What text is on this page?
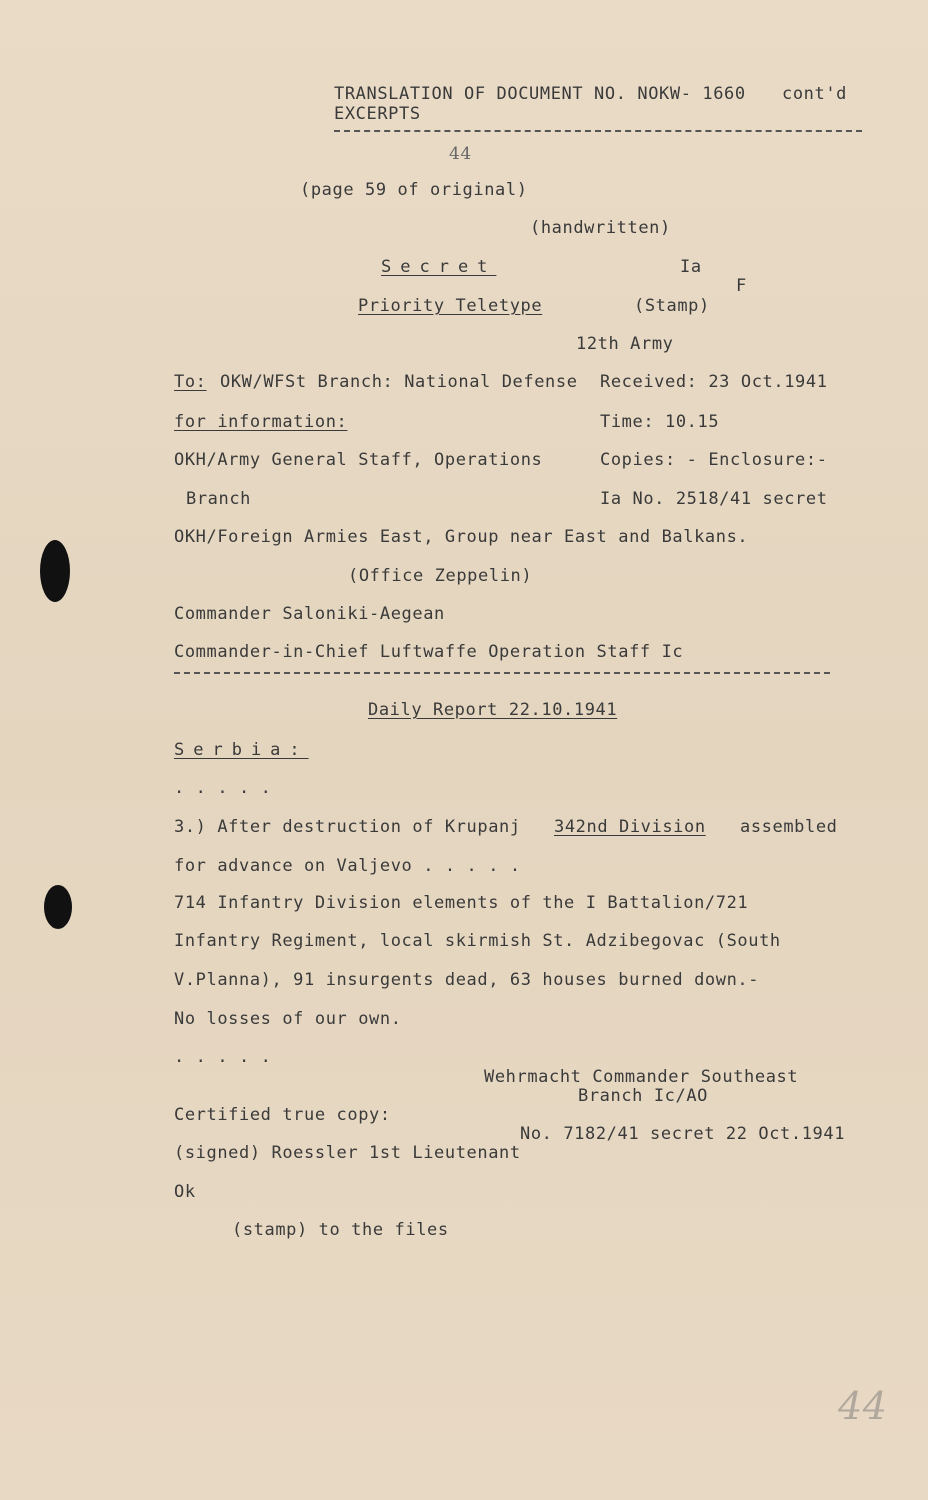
TRANSLATION OF DOCUMENT NO. NOKW- 1660 cont'd
EXCERPTS
44
(page 59 of original)
(handwritten)
Secret	Ia
F
Priority Teletype	(Stamp)
12th Army
To: OKW/WFSt Branch: National Defense Received: 23 Oct.1941
for information:	Time: 10.15
OKH/Army General Staff, Operations	Copies: - Enclosure:-
Branch	Ia No. 2518/41 secret
OKH/Foreign Armies East, Group near East and Balkans.
(Office Zeppelin)
Commander Saloniki-Aegean
Commander-in-Chief Luftwaffe Operation Staff Ic
Daily Report 22.10.1941
Serbia:
. . . . .
3.) After destruction of Krupanj 342nd Division assembled
for advance on Valjevo . . . . .
714 Infantry Division elements of the I Battalion/721
Infantry Regiment, local skirmish St. Adzibegovac (South
V.Planna), 91 insurgents dead, 63 houses burned down.-
No losses of our own.
. . . . .
Wehrmacht Commander Southeast
Branch Ic/AO
Certified true copy:
No. 7182/41 secret 22 Oct.1941
(signed) Roessler 1st Lieutenant
Ok
(stamp) to the files
44
